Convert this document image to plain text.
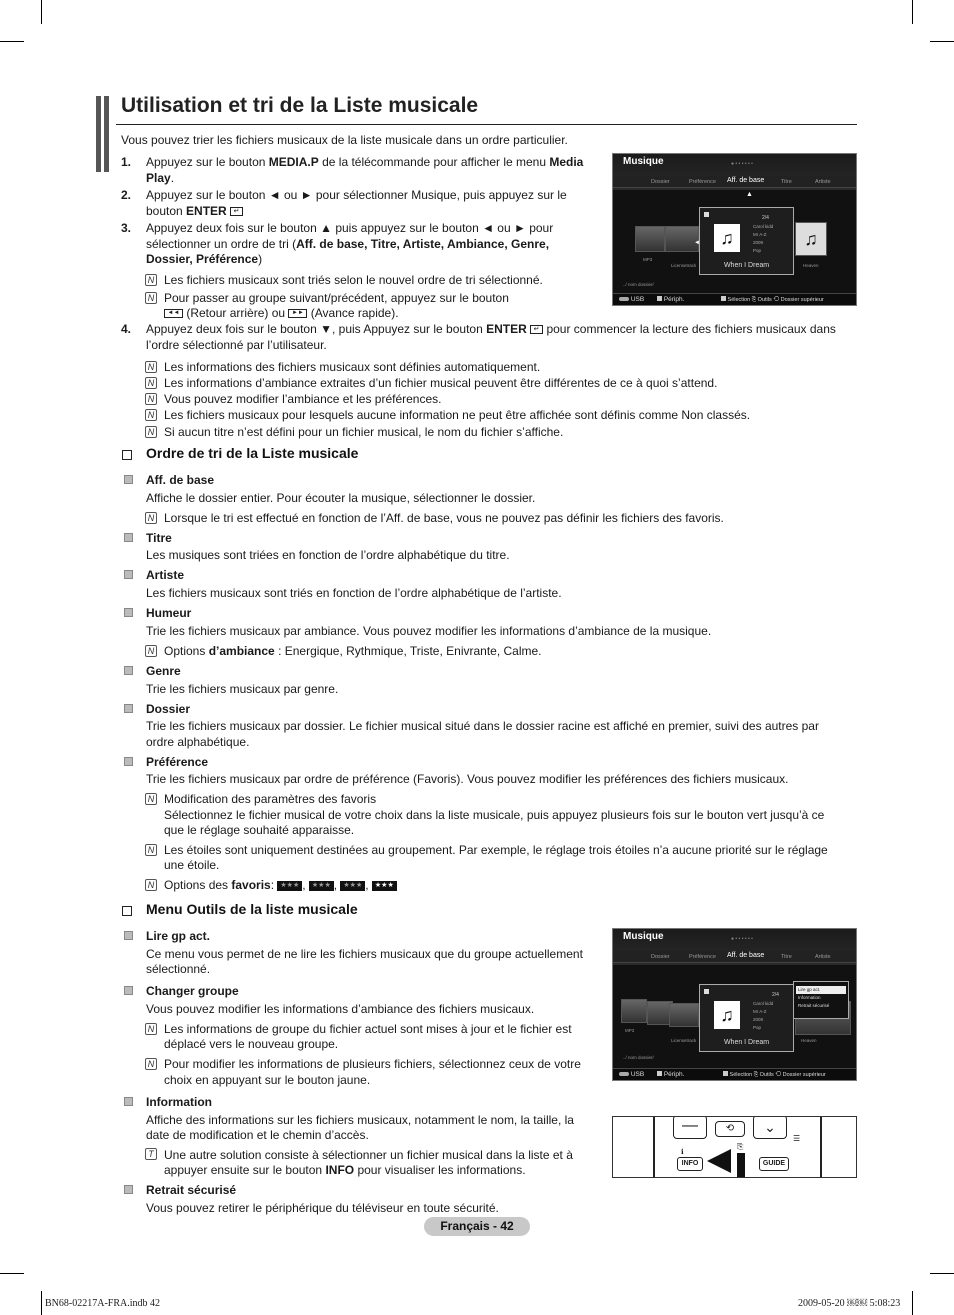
Utilisation et tri de la Liste musicale
Vous pouvez trier les fichiers musicaux de la liste musicale dans un ordre particulier.
1. Appuyez sur le bouton MEDIA.P de la télécommande pour afficher le menu Media
Play.
2. Appuyez sur le bouton ◄ ou ► pour sélectionner Musique, puis appuyez sur le
bouton ENTER ↵
3. Appuyez deux fois sur le bouton ▲ puis appuyez sur le bouton ◄ ou ► pour
sélectionner un ordre de tri (Aff. de base, Titre, Artiste, Ambiance, Genre,
Dossier, Préférence)
N Les fichiers musicaux sont triés selon le nouvel ordre de tri sélectionné.
N Pour passer au groupe suivant/précédent, appuyez sur le bouton
◄◄ (Retour arrière) ou ►► (Avance rapide).
4. Appuyez deux fois sur le bouton ▼, puis Appuyez sur le bouton ENTER ↵ pour commencer la lecture des fichiers musicaux dans
l’ordre sélectionné par l’utilisateur.
N Les informations des fichiers musicaux sont définies automatiquement.
N Les informations d’ambiance extraites d’un fichier musical peuvent être différentes de ce à quoi s’attend.
N Vous pouvez modifier l’ambiance et les préférences.
N Les fichiers musicaux pour lesquels aucune information ne peut être affichée sont définis comme Non classés.
N Si aucun titre n’est défini pour un fichier musical, le nom du fichier s’affiche.
Musique	● • • • • • •
Dossier	Préférence Aff. de base	Titre	Artiste
▲
MP3
Licensetrack
2/4
♫
Carol kidd
Mr A-Z
2009
Pop
When I Dream
◄	♫
Heaven
../ nom dossier/
USB	Périph.	Sélection ⎘ Outils ⟲ Dossier supérieur
Ordre de tri de la Liste musicale
Aff. de base
Affiche le dossier entier. Pour écouter la musique, sélectionner le dossier.
N Lorsque le tri est effectué en fonction de l’Aff. de base, vous ne pouvez pas définir les fichiers des favoris.
Titre
Les musiques sont triées en fonction de l’ordre alphabétique du titre.
Artiste
Les fichiers musicaux sont triés en fonction de l’ordre alphabétique de l’artiste.
Humeur
Trie les fichiers musicaux par ambiance. Vous pouvez modifier les informations d’ambiance de la musique.
N Options d’ambiance : Energique, Rythmique, Triste, Enivrante, Calme.
Genre
Trie les fichiers musicaux par genre.
Dossier
Trie les fichiers musicaux par dossier. Le fichier musical situé dans le dossier racine est affiché en premier, suivi des autres par
ordre alphabétique.
Préférence
Trie les fichiers musicaux par ordre de préférence (Favoris). Vous pouvez modifier les préférences des fichiers musicaux.
N Modification des paramètres des favoris
Sélectionnez le fichier musical de votre choix dans la liste musicale, puis appuyez plusieurs fois sur le bouton vert jusqu’à ce
que le réglage souhaité apparaisse.
N Les étoiles sont uniquement destinées au groupement. Par exemple, le réglage trois étoiles n’a aucune priorité sur le réglage
une étoile.
N Options des favoris: ★★★ , ★★★ , ★★★ , ★★★
Menu Outils de la liste musicale
Lire gp act.
Ce menu vous permet de ne lire les fichiers musicaux que du groupe actuellement
sélectionné.
Changer groupe
Vous pouvez modifier les informations d’ambiance des fichiers musicaux.
N Les informations de groupe du fichier actuel sont mises à jour et le fichier est
déplacé vers le nouveau groupe.
N Pour modifier les informations de plusieurs fichiers, sélectionnez ceux de votre
choix en appuyant sur le bouton jaune.
Information
Affiche des informations sur les fichiers musicaux, notamment le nom, la taille, la
date de modification et le chemin d’accès.
T Une autre solution consiste à sélectionner un fichier musical dans la liste et à
appuyer ensuite sur le bouton INFO pour visualiser les informations.
Retrait sécurisé
Vous pouvez retirer le périphérique du téléviseur en toute sécurité.
Musique	● • • • • • •
Dossier	Préférence Aff. de base	Titre	Artiste
MP3
Licensetrack
2/4
♫
Carol kidd
Mr A-Z
2009
Pop
When I Dream	Heaven
Lire gp act.
Information
Retrait sécurisé
../ nom dossier/
USB	Périph.	Sélection ⎘ Outils ⟲ Dossier supérieur
—	⟲	⌄
⎘
☰
ℹ
INFO	GUIDE
Français - 42
BN68-02217A-FRA.indb 42	2009-05-20 ￼￼ 5:08:23
